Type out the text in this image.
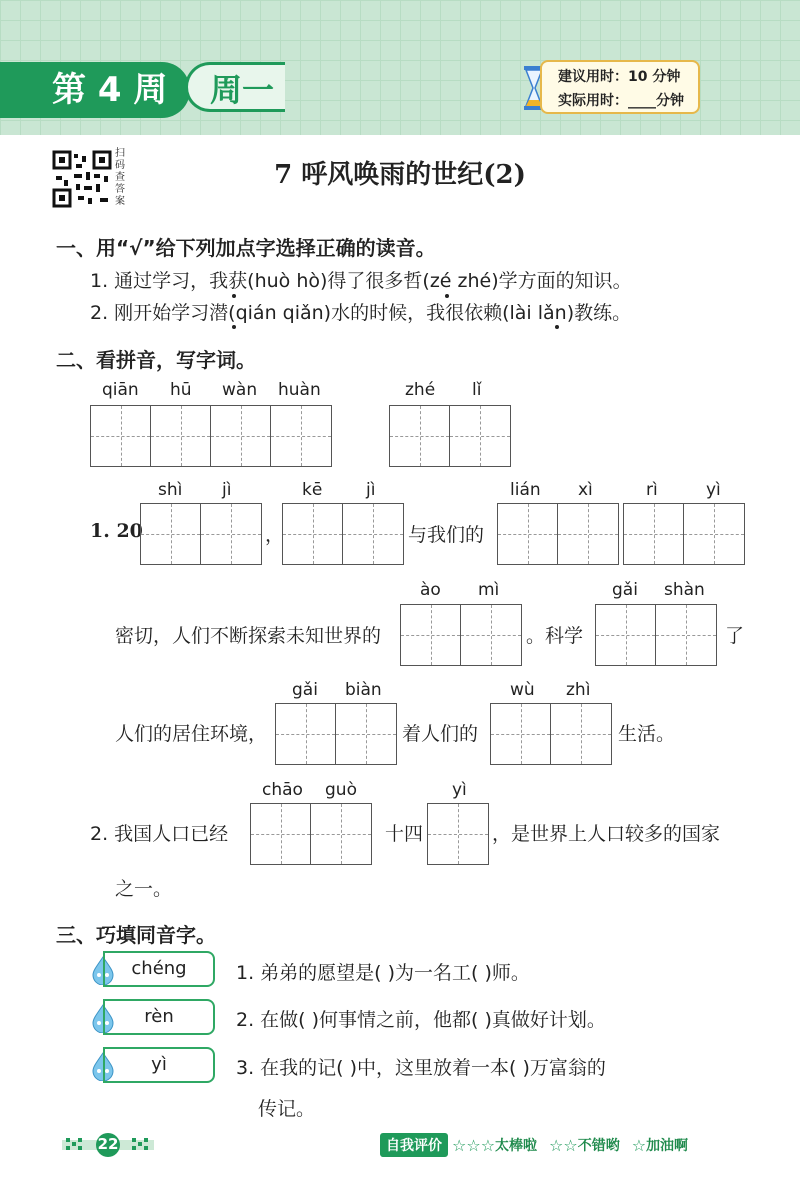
第 4 周	周一	建议用时：10 分钟
实际用时：____分钟
扫码查答案
7 呼风唤雨的世纪(2)
一、用“√”给下列加点字选择正确的读音。
1. 通过学习，我获(huò hò)得了很多哲(zé zhé)学方面的知识。
2. 刚开始学习潜(qián qiǎn)水的时候，我很依赖(lài lǎn)教练。
二、看拼音，写字词。
qiān hū wàn huàn	zhé lǐ
shì jì	kē	jì	lián xì	rì	yì
1. 20	，	与我们的
ào mì	gǎi shàn
密切，人们不断探索未知世界的	。科学	了
gǎi biàn	wù zhì
人们的居住环境，	着人们的	生活。
chāo guò	yì
2. 我国人口已经	十四	，是世界上人口较多的国家
之一。
三、巧填同音字。
chéng	1. 弟弟的愿望是( )为一名工( )师。
rèn	2. 在做( )何事情之前，他都( )真做好计划。
yì	3. 在我的记( )中，这里放着一本( )万富翁的
传记。
22	自我评价 ☆ ☆ ☆ 太棒啦 ☆ ☆ 不错哟 ☆ 加油啊
